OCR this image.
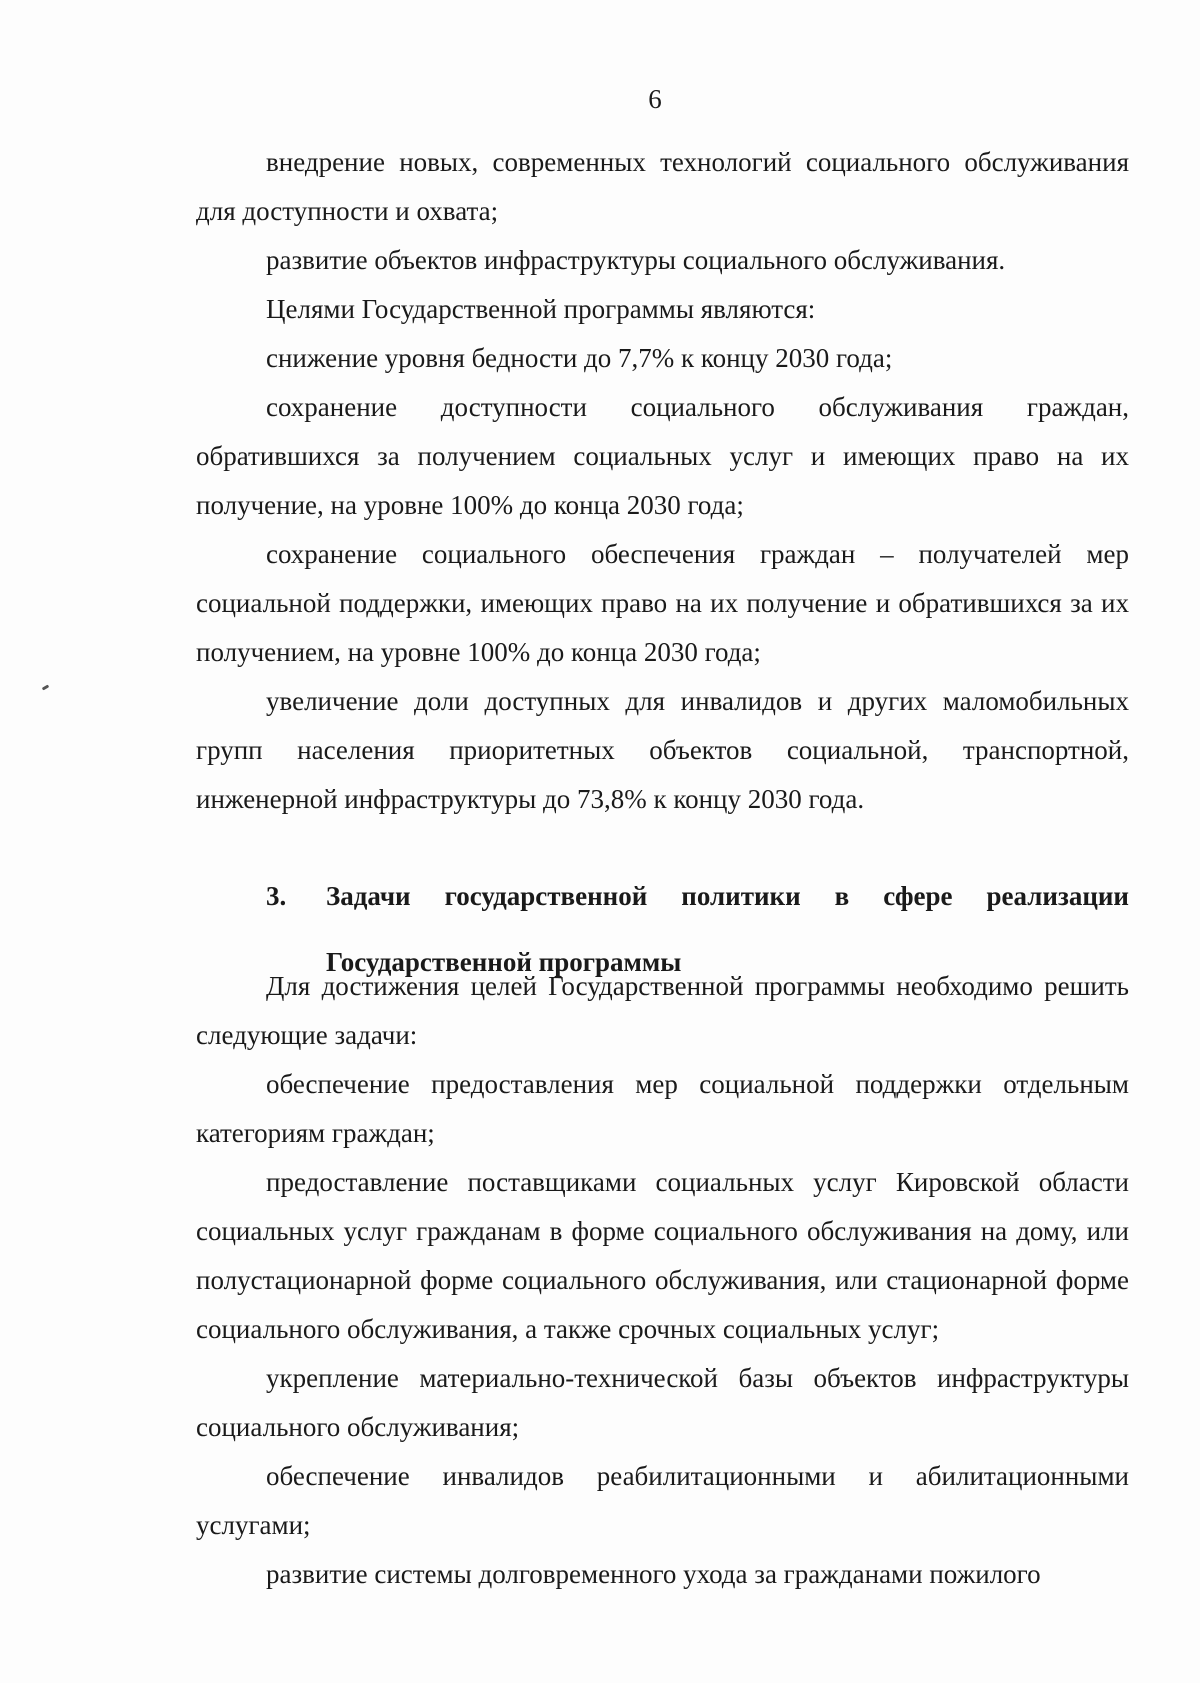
6

внедрение новых, современных технологий социального обслуживания для доступности и охвата;

развитие объектов инфраструктуры социального обслуживания.

Целями Государственной программы являются:

снижение уровня бедности до 7,7% к концу 2030 года;

сохранение доступности социального обслуживания граждан, обратившихся за получением социальных услуг и имеющих право на их получение, на уровне 100% до конца 2030 года;

сохранение социального обеспечения граждан – получателей мер социальной поддержки, имеющих право на их получение и обратившихся за их получением, на уровне 100% до конца 2030 года;

увеличение доли доступных для инвалидов и других маломобильных групп населения приоритетных объектов социальной, транспортной, инженерной инфраструктуры до 73,8% к концу 2030 года.

3. Задачи государственной политики в сфере реализации
Государственной программы

Для достижения целей Государственной программы необходимо решить следующие задачи:

обеспечение предоставления мер социальной поддержки отдельным категориям граждан;

предоставление поставщиками социальных услуг Кировской области социальных услуг гражданам в форме социального обслуживания на дому, или полустационарной форме социального обслуживания, или стационарной форме социального обслуживания, а также срочных социальных услуг;

укрепление материально-технической базы объектов инфраструктуры социального обслуживания;

обеспечение инвалидов реабилитационными и абилитационными услугами;

развитие системы долговременного ухода за гражданами пожилого
